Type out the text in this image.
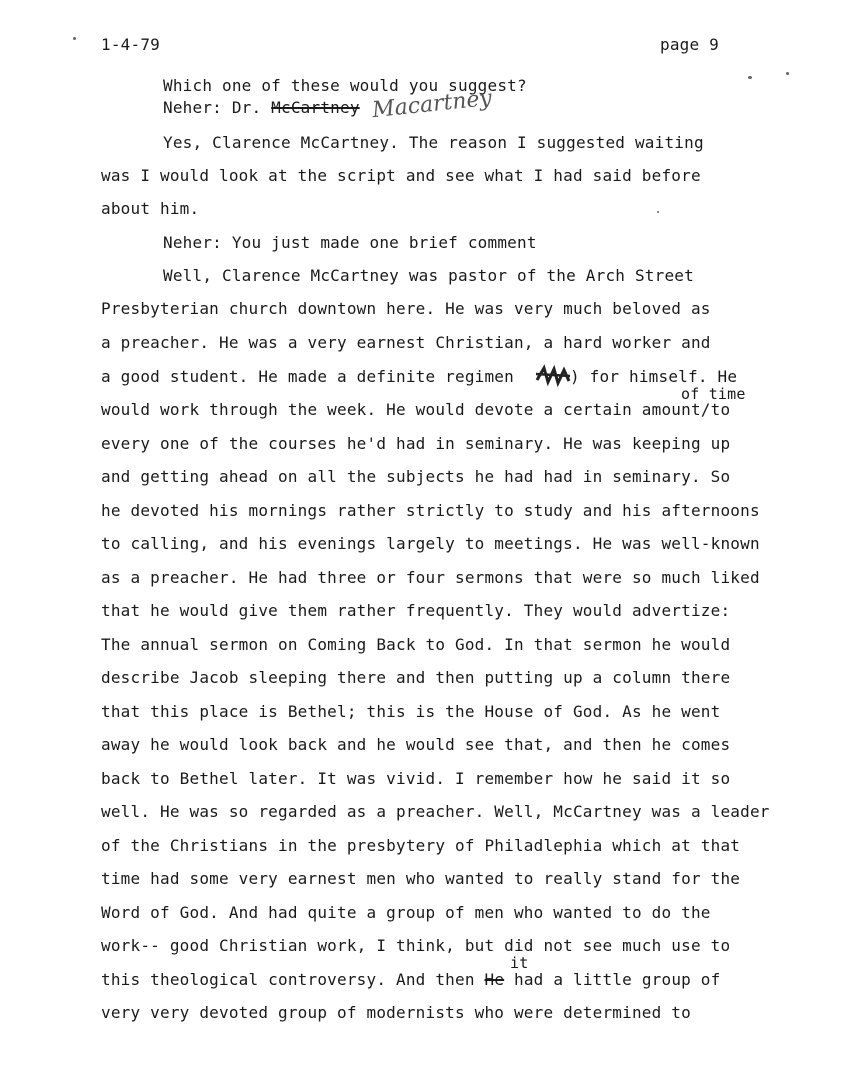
1-4-79	page 9
Which one of these would you suggest?
Neher: Dr. McCartney Macartney
Yes, Clarence McCartney. The reason I suggested waiting
was I would look at the script and see what I had said before
about him.
Neher: You just made one brief comment
Well, Clarence McCartney was pastor of the Arch Street
Presbyterian church downtown here. He was very much beloved as
a preacher. He was a very earnest Christian, a hard worker and
a good student. He made a definite regimen	) for himself. He
of time
would work through the week. He would devote a certain amount/to
every one of the courses he'd had in seminary. He was keeping up
and getting ahead on all the subjects he had had in seminary. So
he devoted his mornings rather strictly to study and his afternoons
to calling, and his evenings largely to meetings. He was well-known
as a preacher. He had three or four sermons that were so much liked
that he would give them rather frequently. They would advertize:
The annual sermon on Coming Back to God. In that sermon he would
describe Jacob sleeping there and then putting up a column there
that this place is Bethel; this is the House of God. As he went
away he would look back and he would see that, and then he comes
back to Bethel later. It was vivid. I remember how he said it so
well. He was so regarded as a preacher. Well, McCartney was a leader
of the Christians in the presbytery of Philadlephia which at that
time had some very earnest men who wanted to really stand for the
Word of God. And had quite a group of men who wanted to do the
work-- good Christian work, I think, but did not see much use to
it
this theological controversy. And then He had a little group of
very very devoted group of modernists who were determined to
